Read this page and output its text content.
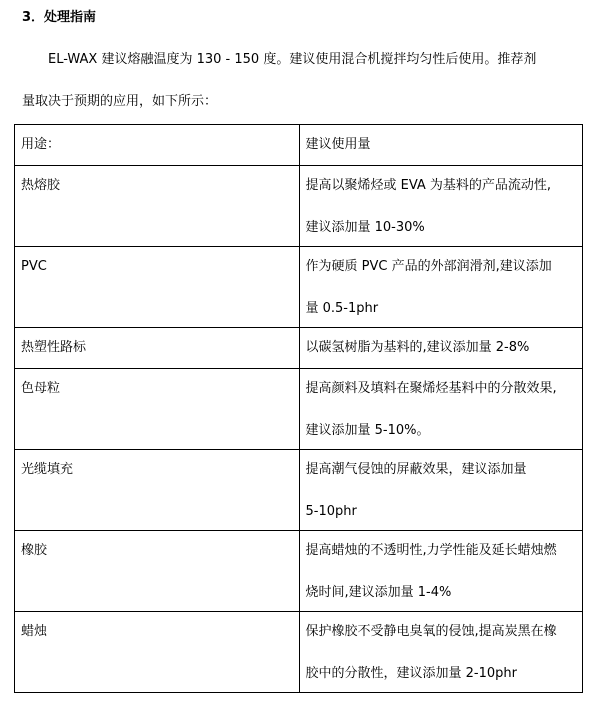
3．处理指南
EL-WAX 建议熔融温度为 130 - 150 度。建议使用混合机搅拌均匀性后使用。推荐剂
量取决于预期的应用，如下所示：
用途：	建议使用量
热熔胶	提高以聚烯烃或 EVA 为基料的产品流动性,
建议添加量 10-30%

PVC	作为硬质 PVC 产品的外部润滑剂,建议添加
量 0.5-1phr

热塑性路标	以碳氢树脂为基料的,建议添加量 2-8%

色母粒	提高颜料及填料在聚烯烃基料中的分散效果,
建议添加量 5-10%。

光缆填充	提高潮气侵蚀的屏蔽效果，建议添加量
5-10phr

橡胶	提高蜡烛的不透明性,力学性能及延长蜡烛燃
烧时间,建议添加量 1-4%

蜡烛	保护橡胶不受静电臭氧的侵蚀,提高炭黑在橡
胶中的分散性，建议添加量 2-10phr
